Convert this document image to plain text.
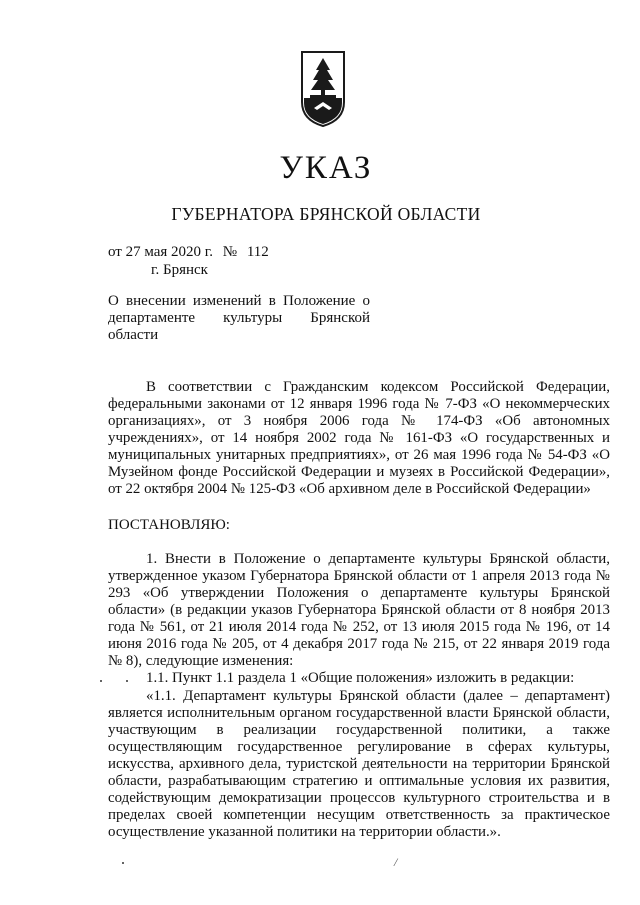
УКАЗ
ГУБЕРНАТОРА БРЯНСКОЙ ОБЛАСТИ
от 27 мая 2020 г. № 112
г. Брянск
О внесении изменений в Положение о департаменте культуры Брянской области
В соответствии с Гражданским кодексом Российской Федерации, федеральными законами от 12 января 1996 года № 7-ФЗ «О некоммерческих организациях», от 3 ноября 2006 года № 174-ФЗ «Об автономных учреждениях», от 14 ноября 2002 года № 161-ФЗ «О государственных и муниципальных унитарных предприятиях», от 26 мая 1996 года № 54-ФЗ «О Музейном фонде Российской Федерации и музеях в Российской Федерации», от 22 октября 2004 № 125-ФЗ «Об архивном деле в Российской Федерации»
ПОСТАНОВЛЯЮ:
1. Внести в Положение о департаменте культуры Брянской области, утвержденное указом Губернатора Брянской области от 1 апреля 2013 года № 293 «Об утверждении Положения о департаменте культуры Брянской области» (в редакции указов Губернатора Брянской области от 8 ноября 2013 года № 561, от 21 июля 2014 года № 252, от 13 июля 2015 года № 196, от 14 июня 2016 года № 205, от 4 декабря 2017 года № 215, от 22 января 2019 года № 8), следующие изменения:
1.1. Пункт 1.1 раздела 1 «Общие положения» изложить в редакции:
«1.1. Департамент культуры Брянской области (далее – департамент) является исполнительным органом государственной власти Брянской области, участвующим в реализации государственной политики, а также осуществляющим государственное регулирование в сферах культуры, искусства, архивного дела, туристской деятельности на территории Брянской области, разрабатывающим стратегию и оптимальные условия их развития, содействующим демократизации процессов культурного строительства и в пределах своей компетенции несущим ответственность за практическое осуществление указанной политики на территории области.».
/
